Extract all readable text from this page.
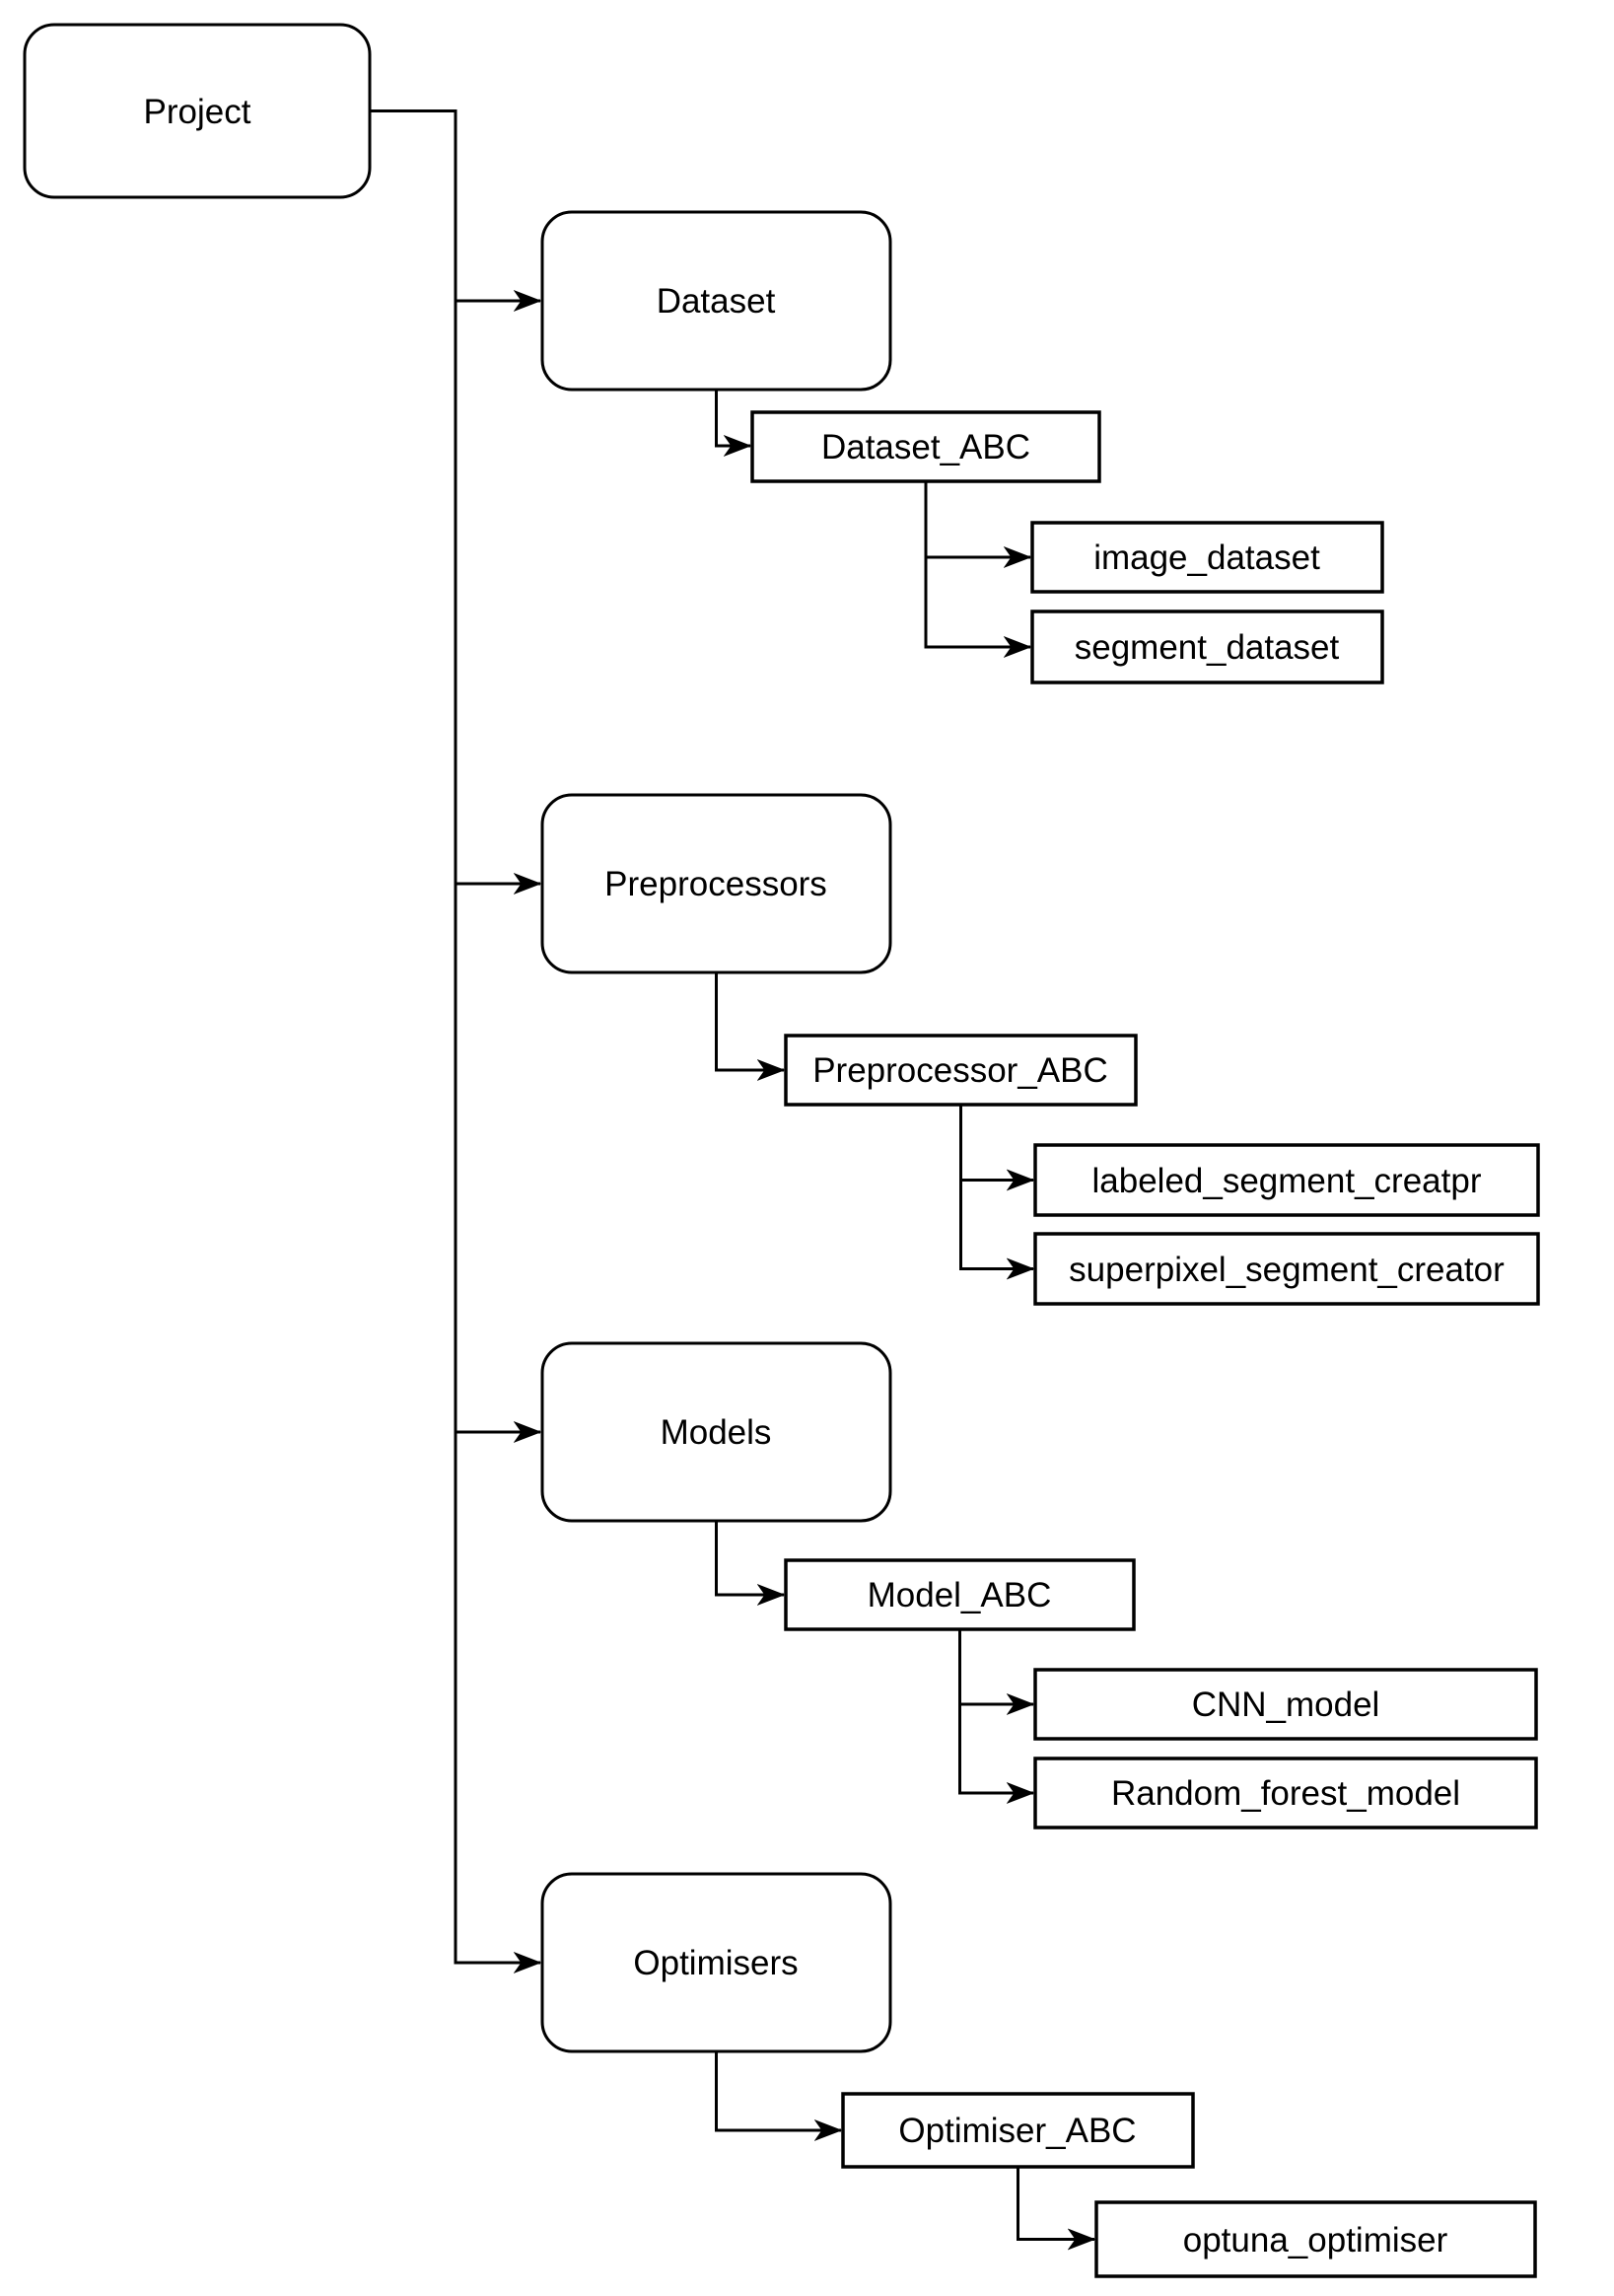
Project
Dataset
Dataset_ABC
image_dataset
segment_dataset
Preprocessors
Preprocessor_ABC
labeled_segment_creatpr
superpixel_segment_creator
Models
Model_ABC
CNN_model
Random_forest_model
Optimisers
Optimiser_ABC
optuna_optimiser
